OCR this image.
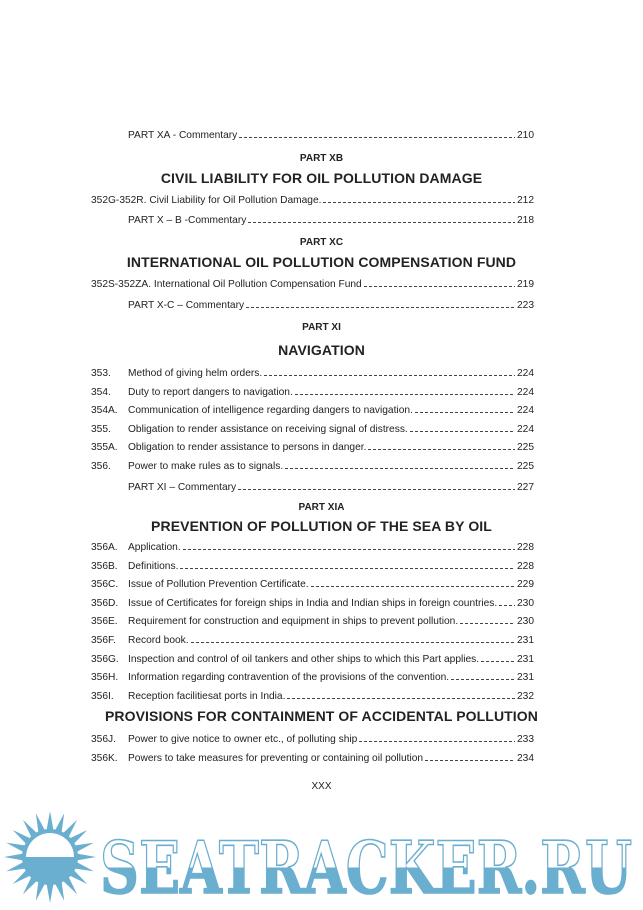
PART XA - Commentary	210
PART XB
CIVIL LIABILITY FOR OIL POLLUTION DAMAGE
352G-352R. Civil Liability for Oil Pollution Damage.	212
PART X – B -Commentary	218
PART XC
INTERNATIONAL OIL POLLUTION COMPENSATION FUND
352S-352ZA. International Oil Pollution Compensation Fund	219
PART X-C – Commentary	223
PART XI
NAVIGATION
353.	Method of giving helm orders.	224
354.	Duty to report dangers to navigation.	224
354A.	Communication of intelligence regarding dangers to navigation.	224
355.	Obligation to render assistance on receiving signal of distress.	224
355A.	Obligation to render assistance to persons in danger.	225
356.	Power to make rules as to signals.	225
PART XI – Commentary	227
PART XIA
PREVENTION OF POLLUTION OF THE SEA BY OIL
356A.	Application.	228
356B.	Definitions.	228
356C. Issue of Pollution Prevention Certificate.	229
356D. Issue of Certificates for foreign ships in India and Indian ships in foreign countries. 230
356E.	Requirement for construction and equipment in ships to prevent pollution.	230
356F.	Record book.	231
356G. Inspection and control of oil tankers and other ships to which this Part applies.	231
356H. Information regarding contravention of the provisions of the convention.	231
356I.	Reception facilitiesat ports in India.	232
PROVISIONS FOR CONTAINMENT OF ACCIDENTAL POLLUTION
356J.	Power to give notice to owner etc., of polluting ship	233
356K.	Powers to take measures for preventing or containing oil pollution	234
XXX
SEATRACKER.RU
